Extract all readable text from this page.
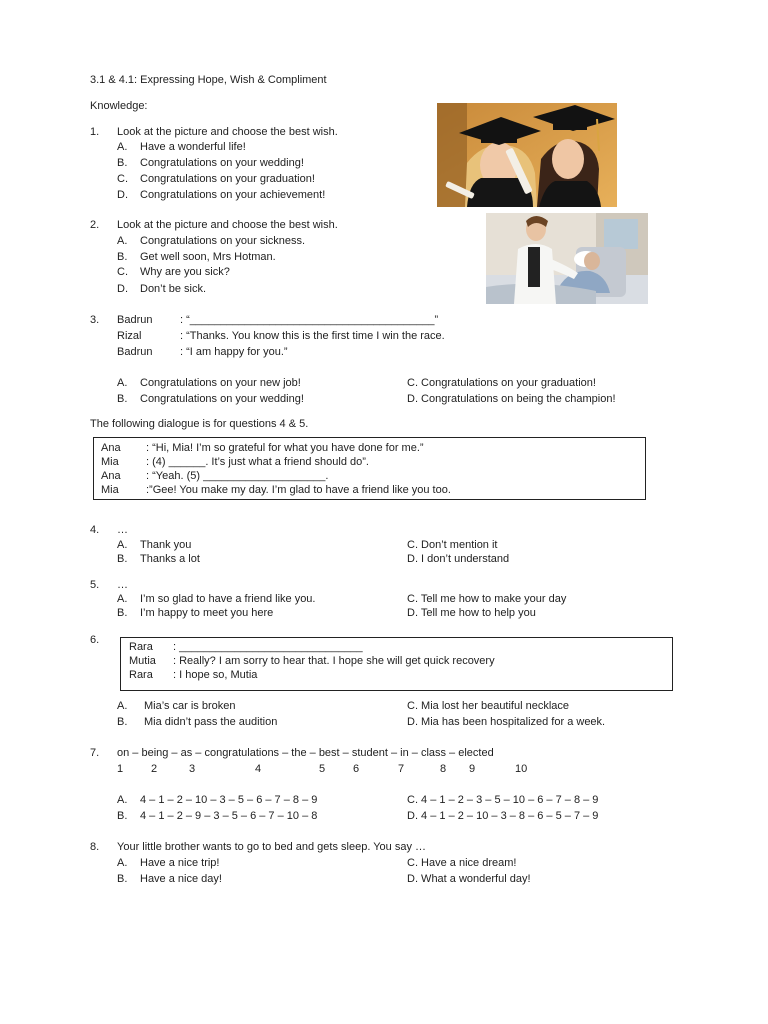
3.1 & 4.1: Expressing Hope, Wish & Compliment
Knowledge:
1. Look at the picture and choose the best wish.
A. Have a wonderful life!
B. Congratulations on your wedding!
C. Congratulations on your graduation!
D. Congratulations on your achievement!
2. Look at the picture and choose the best wish.
A. Congratulations on your sickness.
B. Get well soon, Mrs Hotman.
C. Why are you sick?
D. Don’t be sick.
3. Badrun	: “________________________________________”
Rizal	: “Thanks. You know this is the first time I win the race.
Badrun	: “I am happy for you.”
A. Congratulations on your new job!	C. Congratulations on your graduation!
B. Congratulations on your wedding!	D. Congratulations on being the champion!
The following dialogue is for questions 4 & 5.
Ana : “Hi, Mia! I’m so grateful for what you have done for me.”
Mia : (4) ______. It’s just what a friend should do”.
Ana : “Yeah. (5) ____________________.
Mia :”Gee! You make my day. I’m glad to have a friend like you too.
4. …
A. Thank you	C. Don’t mention it
B. Thanks a lot	D. I don’t understand
5. …
A. I’m so glad to have a friend like you.	C. Tell me how to make your day
B. I’m happy to meet you here	D. Tell me how to help you
6.
Rara : ______________________________
Mutia : Really? I am sorry to hear that. I hope she will get quick recovery
Rara : I hope so, Mutia
A. Mia’s car is broken	C. Mia lost her beautiful necklace
B. Mia didn’t pass the audition	D. Mia has been hospitalized for a week.
7. on – being – as – congratulations – the – best – student – in – class – elected
1	2	3	4	5	6	7	8 9	10
A. 4 – 1 – 2 – 10 – 3 – 5 – 6 – 7 – 8 – 9	C. 4 – 1 – 2 – 3 – 5 – 10 – 6 – 7 – 8 – 9
B. 4 – 1 – 2 – 9 – 3 – 5 – 6 – 7 – 10 – 8	D. 4 – 1 – 2 – 10 – 3 – 8 – 6 – 5 – 7 – 9
8. Your little brother wants to go to bed and gets sleep. You say …
A. Have a nice trip!	C. Have a nice dream!
B. Have a nice day!	D. What a wonderful day!
